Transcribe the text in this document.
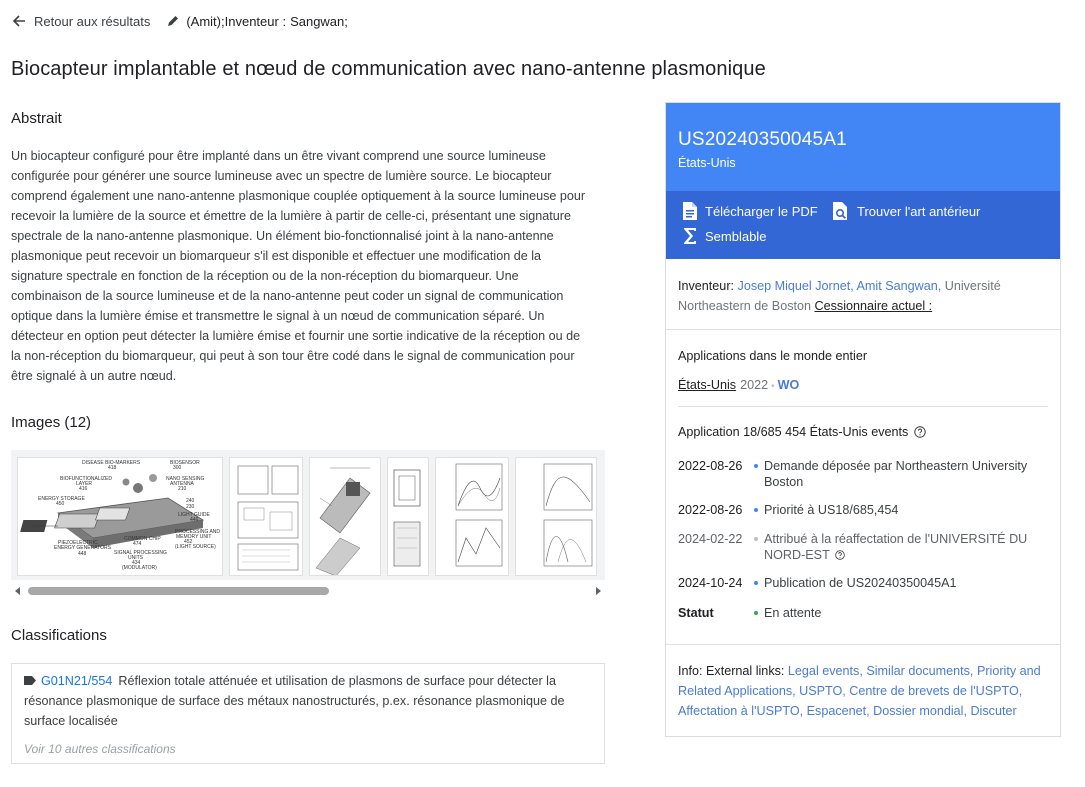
Retour aux résultats	(Amit); Inventeur : Sangwan;
Biocapteur implantable et nœud de communication avec nano-antenne plasmonique
Abstrait

Un biocapteur configuré pour être implanté dans un être vivant comprend une source lumineuse configurée pour générer une source lumineuse avec un spectre de lumière source. Le biocapteur comprend également une nano-antenne plasmonique couplée optiquement à la source lumineuse pour recevoir la lumière de la source et émettre de la lumière à partir de celle-ci, présentant une signature spectrale de la nano-antenne plasmonique. Un élément bio-fonctionnalisé joint à la nano-antenne plasmonique peut recevoir un biomarqueur s'il est disponible et effectuer une modification de la signature spectrale en fonction de la réception ou de la non-réception du biomarqueur. Une combinaison de la source lumineuse et de la nano-antenne peut coder un signal de communication optique dans la lumière émise et transmettre le signal à un nœud de communication séparé. Un détecteur en option peut détecter la lumière émise et fournir une sortie indicative de la réception ou de la non-réception du biomarqueur, qui peut à son tour être codé dans le signal de communication pour être signalé à un autre nœud.

Images (12)
DISEASE BIO-MARKERS
418
BIOSENSOR
300
BIOFUNCTIONALIZED
LAYER
416
NANO SENSING
ANTENNA
210
ENERGY STORAGE
450	240
230
LIGHT GUIDE
446
COMMON CHIP
474
PROCESSING AND
MEMORY UNIT
452
(LIGHT SOURCE)
PIEZOELECTRIC
ENERGY GENERATORS
448	SIGNAL PROCESSING
UNITS
434
(MODULATOR)
Classifications
G01N21/554 Réflexion totale atténuée et utilisation de plasmons de surface pour détecter la résonance plasmonique de surface des métaux nanostructurés, p.ex. résonance plasmonique de surface localisée
Voir 10 autres classifications
US20240350045A1
États-Unis
Télécharger le PDF	Trouver l'art antérieur
Semblable
Inventeur: Josep Miquel Jornet, Amit Sangwan, Université Northeastern de Boston Cessionnaire actuel :
Applications dans le monde entier
États-Unis 2022 • WO
Application 18/685 454 États-Unis events
2022-08-26 Demande déposée par Northeastern University Boston
2022-08-26 Priorité à US18/685,454
2024-02-22 Attribué à la réaffectation de l'UNIVERSITÉ DU NORD-EST
2024-10-24 Publication de US20240350045A1
Statut	En attente
Info: External links: Legal events, Similar documents, Priority and Related Applications, USPTO, Centre de brevets de l'USPTO, Affectation à l'USPTO, Espacenet, Dossier mondial, Discuter
